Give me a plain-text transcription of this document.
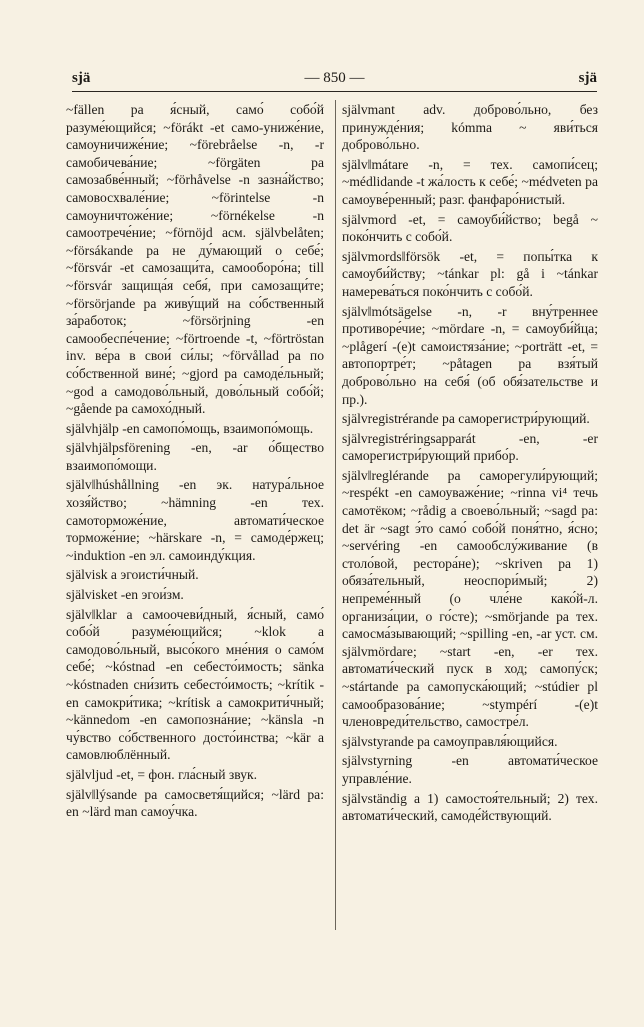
sjä	— 850 —	sjä
~fällen pa я́сный, само́ собо́й разуме́ющийся; ~förákt -et само-униже́ние, самоуничиже́ние; ~förebråelse -n, -r самобичева́ние; ~förgäten pa самозабве́нный; ~förhåvelse -n зазна́йство; самовосхвале́ние; ~förintelse -n самоуничтоже́ние; ~förnékelse -n самоотрече́ние; ~förnöjd асм. självbelåten; ~försákande pa не ду́мающий о себе́; ~försvár -et самозащи́та, самооборо́на; till ~försvár защища́я себя́, при самозащи́те; ~försörjande pa живу́щий на со́бственный за́работок; ~försörjning -en самообеспе́чение; ~förtroende -t, ~förtröstan inv. ве́ра в свои́ си́лы; ~förvållad pa по со́бственной вине́; ~gjord pa самоде́льный; ~god a самодово́льный, дово́льный собо́й; ~gående pa самохо́дный.
självhjälp -en самопо́мощь, взаимопо́мощь.
självhjälpsförening -en, -ar о́бщество взаимопо́мощи.
självǁhúshållning -en эк. натура́льное хозя́йство; ~hämning -en тех. самоторможе́ние, автомати́ческое торможе́ние; ~härskare -n, = самоде́ржец; ~induktion -en эл. самоинду́кция.
självisk a эгоисти́чный.
självisket -en эгои́зм.
självǁklar a самоочеви́дный, я́сный, само́ собо́й разуме́ющийся; ~klok a самодово́льный, высо́кого мне́ния о само́м себе́; ~kóstnad -en себесто́имость; sänka ~kóstnaden сни́зить себесто́имость; ~krítik -en самокри́тика; ~krítisk a самокрити́чный; ~kännedom -en самопозна́ние; ~känsla -n чу́вство со́бственного досто́инства; ~kär a самовлюблённый.
självljud -et, = фон. гла́сный звук.
självǁlýsande pa самосветя́щийся; ~lärd pa: en ~lärd man самоу́чка.
självmant adv. доброво́льно, без принужде́ния; kómma ~ яви́ться доброво́льно.
självǁmátare -n, = тех. самопи́сец; ~médlidande -t жа́лость к себе́; ~médveten pa самоуве́ренный; разг. фанфаро́нистый.
självmord -et, = самоуби́йство; begå ~ поко́нчить с собо́й.
självmordsǁförsök -et, = попы́тка к самоуби́йству; ~tánkar pl: gå i ~tánkar намерева́ться поко́нчить с собо́й.
självǁmótsägelse -n, -r вну́треннее противоре́чие; ~mördare -n, = самоуби́йца; ~plågerí -(e)t самоистяза́ние; ~porträtt -et, = автопортре́т; ~påtagen pa взя́тый доброво́льно на себя́ (об обя́зательстве и пр.).
självregistrérande pa саморегистри́рующий.
självregistréringsapparát -en, -er саморегистри́рующий прибо́р.
självǁreglérande pa саморегули́рующий; ~respékt -en самоуваже́ние; ~rinna vi⁴ течь самотёком; ~rådig a своево́льный; ~sagd pa: det är ~sagt э́то само́ собо́й поня́тно, я́сно; ~servéring -en самообслу́живание (в столо́вой, рестора́не); ~skriven pa 1) обяза́тельный, неоспори́мый; 2) непреме́нный (о чле́не како́й-л. организа́ции, о го́сте); ~smörjande pa тех. самосма́зывающий; ~spilling -en, -ar уст. см. självmördare; ~start -en, -er тех. автомати́ческий пуск в ход; самопу́ск; ~stártande pa самопуска́ющий; ~stúdier pl самообразова́ние; ~stympérí -(e)t членовреди́тельство, самостре́л.
självstyrande pa самоуправля́ющийся.
självstyrning -en автомати́ческое управле́ние.
självständig a 1) самостоя́тельный; 2) тех. автомати́ческий, самоде́йствующий.
